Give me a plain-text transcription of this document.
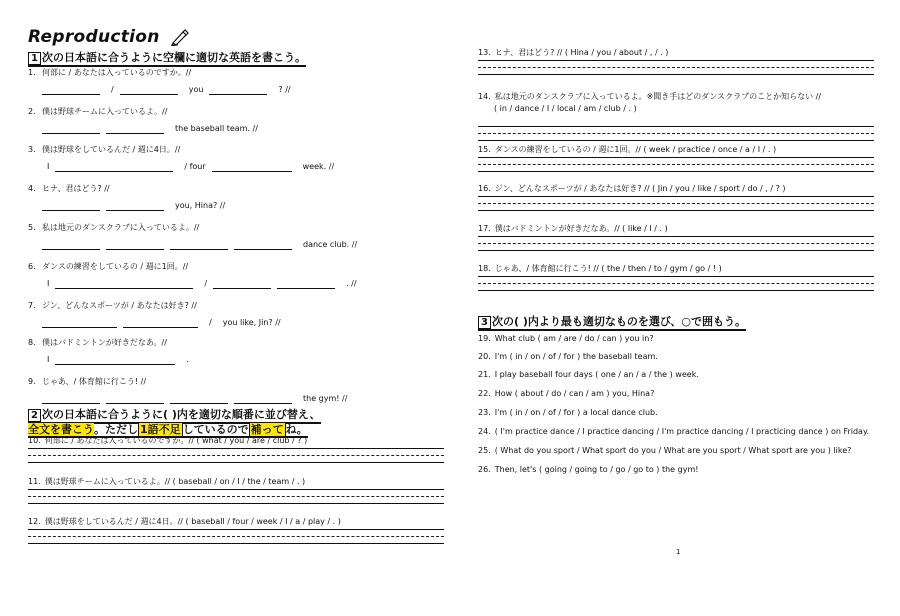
Reproduction
1 次の日本語に合うように空欄に適切な英語を書こう。
1. 何部に / あなたは入っているのですか。//
/	you	? //
2. 僕は野球チームに入っているよ。//
the baseball team. //
3. 僕は野球をしているんだ / 週に4日。//
I	/ four	week. //
4. ヒナ、君はどう? //
you, Hina? //
5. 私は地元のダンスクラブに入っているよ。//
dance club. //
6. ダンスの練習をしているの / 週に1回。//
I	/	. //
7. ジン、どんなスポーツが / あなたは好き? //
/ you like, Jin? //
8. 僕はバドミントンが好きだなあ。//
I	.
9. じゃあ、/ 体育館に行こう! //
the gym! //
2 次の日本語に合うように( )内を適切な順番に並び替え、
全文を書こう。ただし 1語不足 しているので 補って ね。
10. 何部に / あなたは入っているのですか。// ( what / you / are / club / ? )
11. 僕は野球チームに入っているよ。// ( baseball / on / I / the / team / . )
12. 僕は野球をしているんだ / 週に4日。// ( baseball / four / week / I / a / play / . )
13. ヒナ、君はどう? // ( Hina / you / about / , / . )
14. 私は地元のダンスクラブに入っているよ。※聞き手はどのダンスクラブのことか知らない //
( in / dance / I / local / am / club / . )
15. ダンスの練習をしているの / 週に1回。// ( week / practice / once / a / I / . )
16. ジン、どんなスポーツが / あなたは好き? // ( Jin / you / like / sport / do / , / ? )
17. 僕はバドミントンが好きだなあ。// ( like / I / . )
18. じゃあ、/ 体育館に行こう! // ( the / then / to / gym / go / ! )
3 次の( )内より最も適切なものを選び、○で囲もう。
19. What club ( am / are / do / can ) you in?
20. I'm ( in / on / of / for ) the baseball team.
21. I play baseball four days ( one / an / a / the ) week.
22. How ( about / do / can / am ) you, Hina?
23. I'm ( in / on / of / for ) a local dance club.
24. ( I'm practice dance / I practice dancing / I'm practice dancing / I practicing dance ) on Friday.
25. ( What do you sport / What sport do you / What are you sport / What sport are you ) like?
26. Then, let's ( going / going to / go / go to ) the gym!
1
